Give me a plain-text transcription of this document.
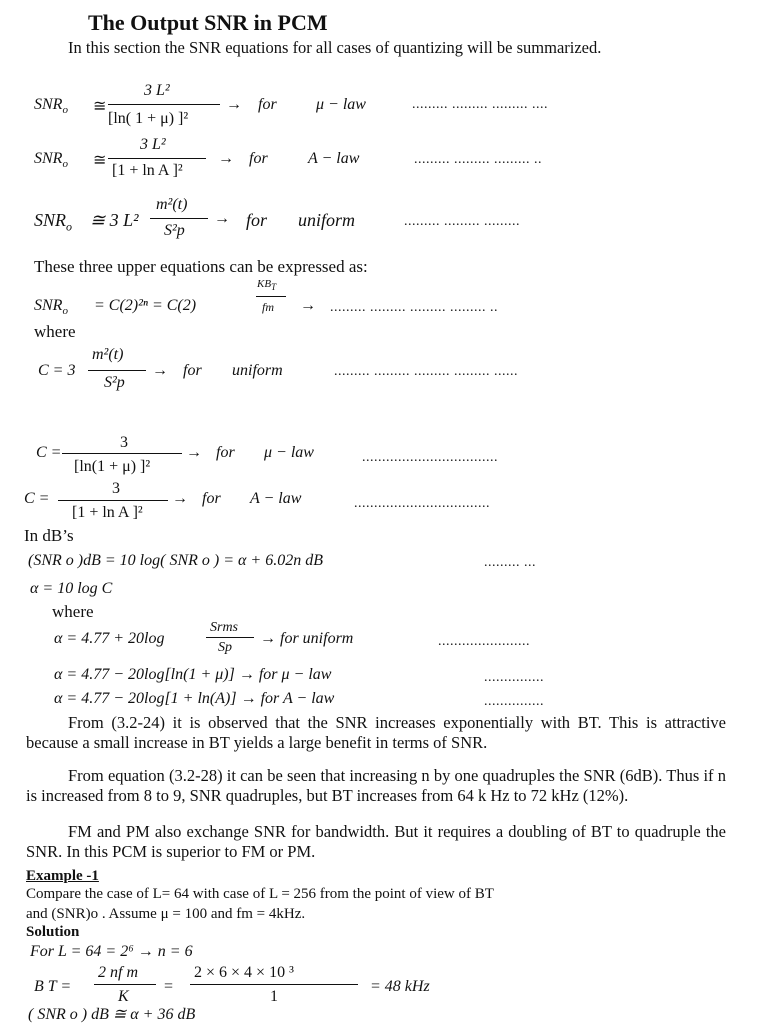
The Output SNR in PCM
In this section the SNR equations for all cases of quantizing will be summarized.
$SNR_o$ ≅
3 L²
[ln( 1 + μ) ]²
→ for μ − law	......... ......... ......... ....
$SNR_o$ ≅
3 L²
[1 + ln A ]²
→ for	A − law	......... ......... ......... ..
$SNR_o$ ≅ 3 L²
m²(t)
S²p
→ for uniform	......... ......... .........
These three upper equations can be expressed as:
$SNR_o = C(2)^{2n} = C(2)$
$KB_T$
fm → ......... ......... ......... ......... ..
where
C = 3
m²(t)
S²p
→ for uniform	......... ......... ......... ......... ......
C =
3
[ln(1 + μ) ]²
→ for μ − law	..................................
C =
3
[1 + ln A ]²
→ for A − law	..................................
In dB’s
(SNR o )dB = 10 log( SNR o ) = α + 6.02n dB	......... ...
α = 10 log C
where
α = 4.77 + 20log
Srms
Sp
→ for uniform	.......................
α = 4.77 − 20log[ln(1 + μ)] → for μ − law	...............
α = 4.77 − 20log[1 + ln(A)] → for A − law	...............
From (3.2-24) it is observed that the SNR increases exponentially with BT. This is attractive because a small increase in BT yields a large benefit in terms of SNR.
From equation (3.2-28) it can be seen that increasing n by one quadruples the SNR (6dB). Thus if n is increased from 8 to 9, SNR quadruples, but BT increases from 64 k Hz to 72 kHz (12%).
FM and PM also exchange SNR for bandwidth. But it requires a doubling of BT to quadruple the SNR. In this PCM is superior to FM or PM.
Example -1
Compare the case of L= 64 with case of L = 256 from the point of view of BT
and (SNR)o . Assume μ = 100 and fm = 4kHz.
Solution
For L = 64 = 2⁶ → n = 6
B T =
2 nf m
K
=
2 × 6 × 4 × 10 ³
1
= 48 kHz
( SNR o ) dB ≅ α + 36 dB
